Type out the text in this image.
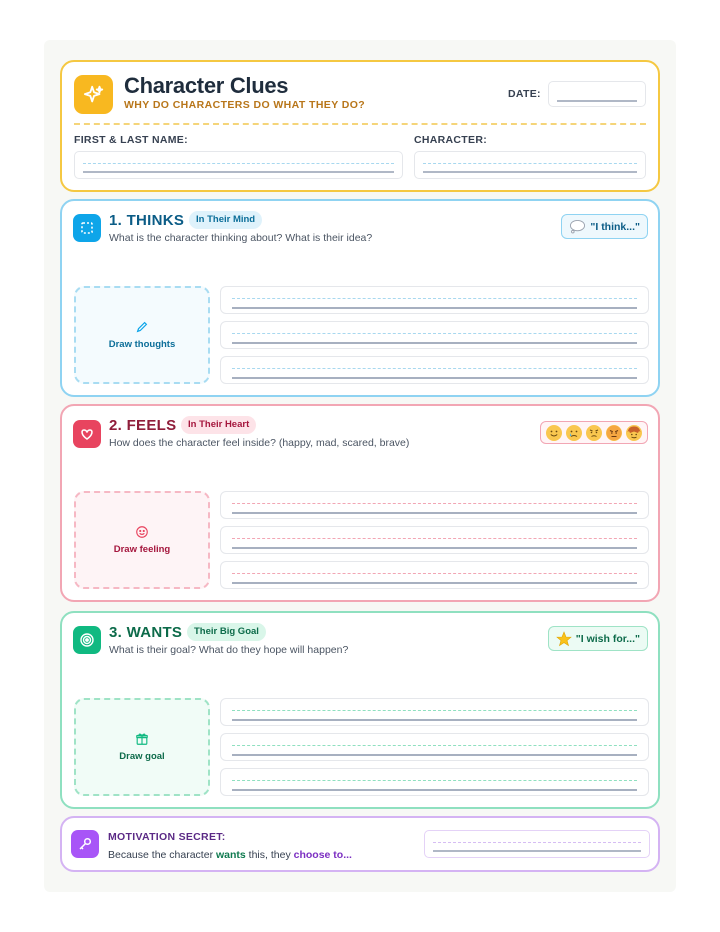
Character Clues
WHY DO CHARACTERS DO WHAT THEY DO?
DATE:
FIRST & LAST NAME:	CHARACTER:
1. THINKS	In Their Mind
What is the character thinking about? What is their idea?
"I think..."
Draw thoughts
2. FEELS	In Their Heart
How does the character feel inside? (happy, mad, scared, brave)
Draw feeling
3. WANTS	Their Big Goal
What is their goal? What do they hope will happen?
"I wish for..."
Draw goal
MOTIVATION SECRET:
Because the character wants this, they choose to...
